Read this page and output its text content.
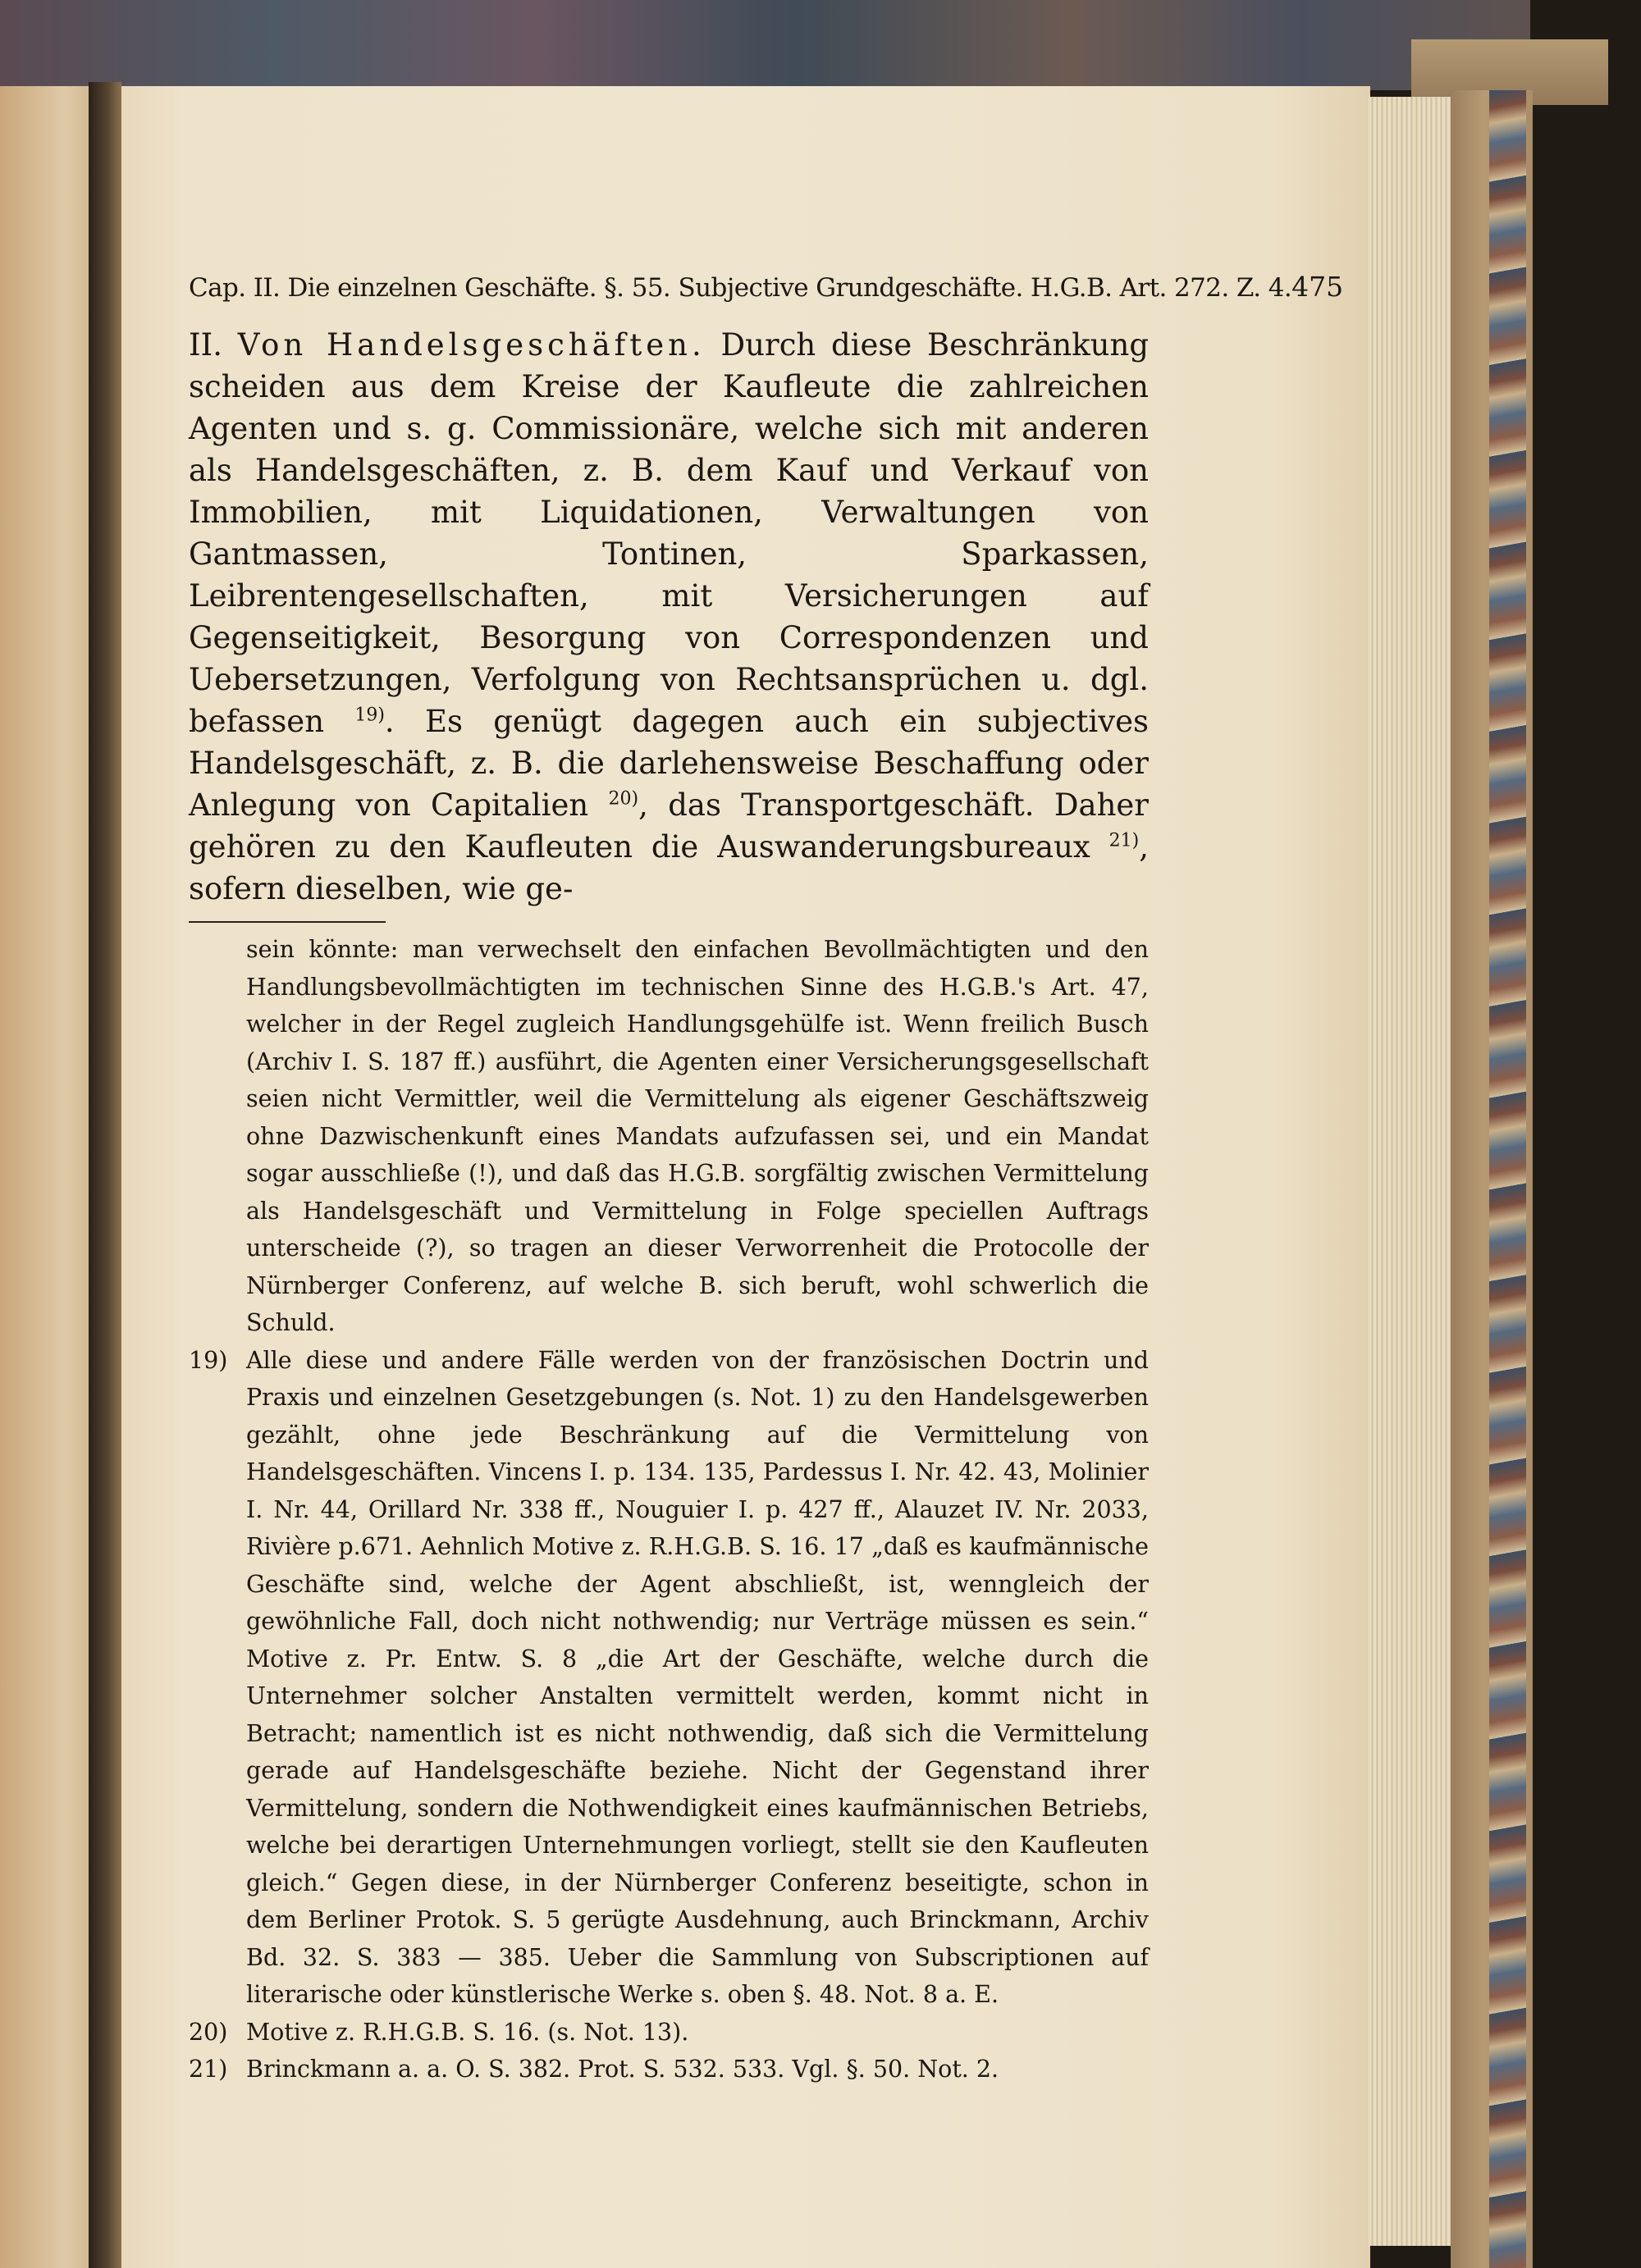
Cap. II. Die einzelnen Geschäfte. §. 55. Subjective Grundgeschäfte. H.G.B. Art. 272. Z. 4. 475

II. Von Handelsgeschäften. Durch diese Beschränkung scheiden aus dem Kreise der Kaufleute die zahlreichen Agenten und s. g. Commissionäre, welche sich mit anderen als Handelsgeschäften, z. B. dem Kauf und Verkauf von Immobilien, mit Liquidationen, Verwaltungen von Gantmassen, Tontinen, Sparkassen, Leibrentengesellschaften, mit Versicherungen auf Gegenseitigkeit, Besorgung von Correspondenzen und Uebersetzungen, Verfolgung von Rechtsansprüchen u. dgl. befassen $^{19)}$. Es genügt dagegen auch ein subjectives Handelsgeschäft, z. B. die darlehensweise Beschaffung oder Anlegung von Capitalien $^{20)}$, das Transportgeschäft. Daher gehören zu den Kaufleuten die Auswanderungsbureaux $^{21)}$, sofern dieselben, wie ge-

sein könnte: man verwechselt den einfachen Bevollmächtigten und den Handlungsbevollmächtigten im technischen Sinne des H.G.B.'s Art. 47, welcher in der Regel zugleich Handlungsgehülfe ist. Wenn freilich Busch (Archiv I. S. 187 ff.) ausführt, die Agenten einer Versicherungsgesellschaft seien nicht Vermittler, weil die Vermittelung als eigener Geschäftszweig ohne Dazwischenkunft eines Mandats aufzufassen sei, und ein Mandat sogar ausschließe (!), und daß das H.G.B. sorgfältig zwischen Vermittelung als Handelsgeschäft und Vermittelung in Folge speciellen Auftrags unterscheide (?), so tragen an dieser Verworrenheit die Protocolle der Nürnberger Conferenz, auf welche B. sich beruft, wohl schwerlich die Schuld.
19) Alle diese und andere Fälle werden von der französischen Doctrin und Praxis und einzelnen Gesetzgebungen (s. Not. 1) zu den Handelsgewerben gezählt, ohne jede Beschränkung auf die Vermittelung von Handelsgeschäften. Vincens I. p. 134. 135, Pardessus I. Nr. 42. 43, Molinier I. Nr. 44, Orillard Nr. 338 ff., Nouguier I. p. 427 ff., Alauzet IV. Nr. 2033, Rivière p.671. Aehnlich Motive z. R.H.G.B. S. 16. 17 „daß es kaufmännische Geschäfte sind, welche der Agent abschließt, ist, wenngleich der gewöhnliche Fall, doch nicht nothwendig; nur Verträge müssen es sein.“ Motive z. Pr. Entw. S. 8 „die Art der Geschäfte, welche durch die Unternehmer solcher Anstalten vermittelt werden, kommt nicht in Betracht; namentlich ist es nicht nothwendig, daß sich die Vermittelung gerade auf Handelsgeschäfte beziehe. Nicht der Gegenstand ihrer Vermittelung, sondern die Nothwendigkeit eines kaufmännischen Betriebs, welche bei derartigen Unternehmungen vorliegt, stellt sie den Kaufleuten gleich.“ Gegen diese, in der Nürnberger Conferenz beseitigte, schon in dem Berliner Protok. S. 5 gerügte Ausdehnung, auch Brinckmann, Archiv Bd. 32. S. 383 — 385. Ueber die Sammlung von Subscriptionen auf literarische oder künstlerische Werke s. oben §. 48. Not. 8 a. E.
20) Motive z. R.H.G.B. S. 16. (s. Not. 13).
21) Brinckmann a. a. O. S. 382. Prot. S. 532. 533. Vgl. §. 50. Not. 2.
